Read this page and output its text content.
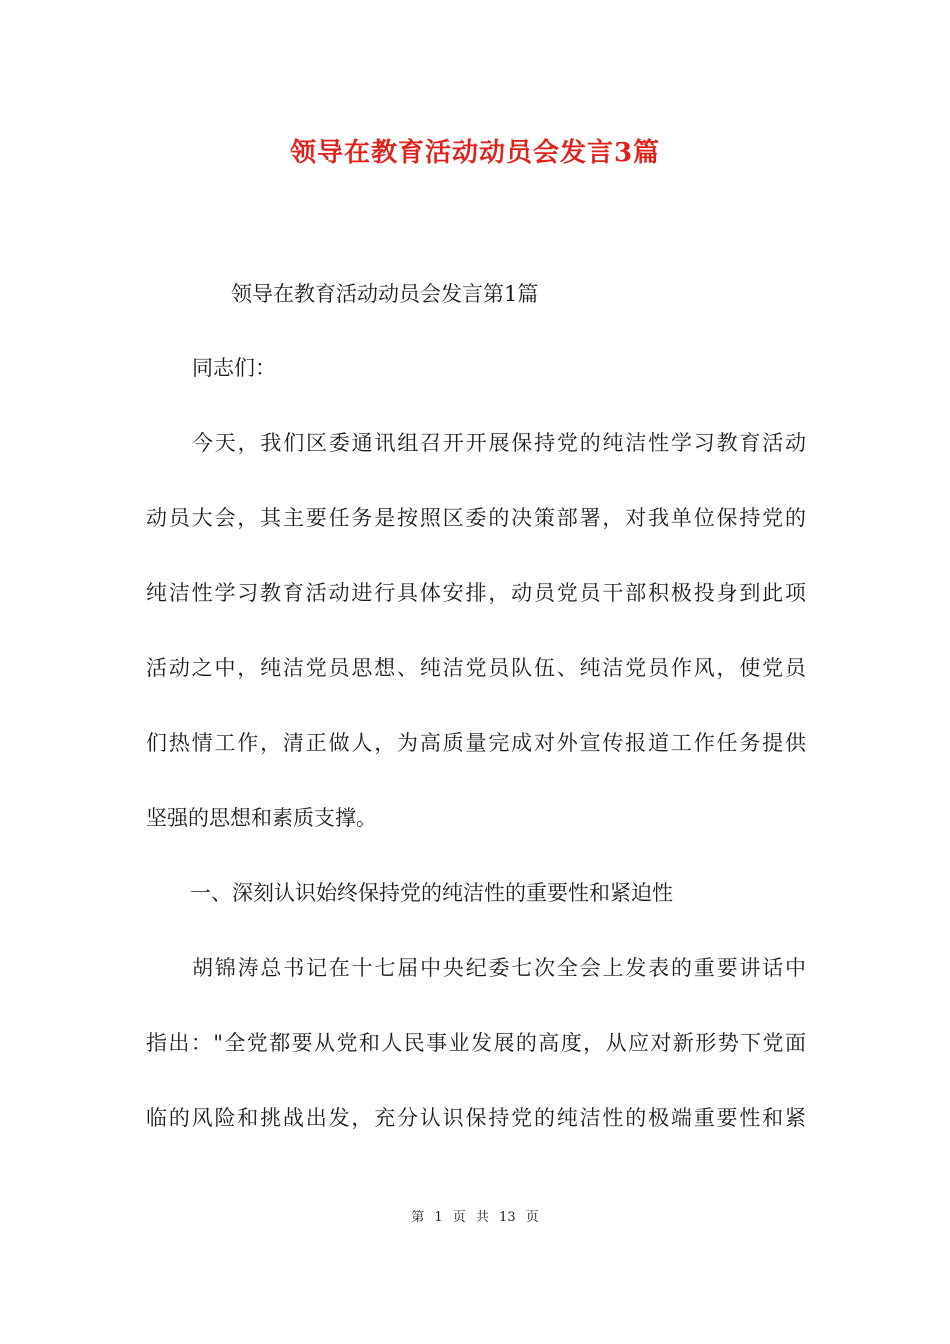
领导在教育活动动员会发言3篇
领导在教育活动动员会发言第1篇
同志们：
今天，我们区委通讯组召开开展保持党的纯洁性学习教育活动
动员大会，其主要任务是按照区委的决策部署，对我单位保持党的
纯洁性学习教育活动进行具体安排，动员党员干部积极投身到此项
活动之中，纯洁党员思想、纯洁党员队伍、纯洁党员作风，使党员
们热情工作，清正做人，为高质量完成对外宣传报道工作任务提供
坚强的思想和素质支撑。
一、深刻认识始终保持党的纯洁性的重要性和紧迫性
胡锦涛总书记在十七届中央纪委七次全会上发表的重要讲话中
指出："全党都要从党和人民事业发展的高度，从应对新形势下党面
临的风险和挑战出发，充分认识保持党的纯洁性的极端重要性和紧
第 1 页 共 13 页
